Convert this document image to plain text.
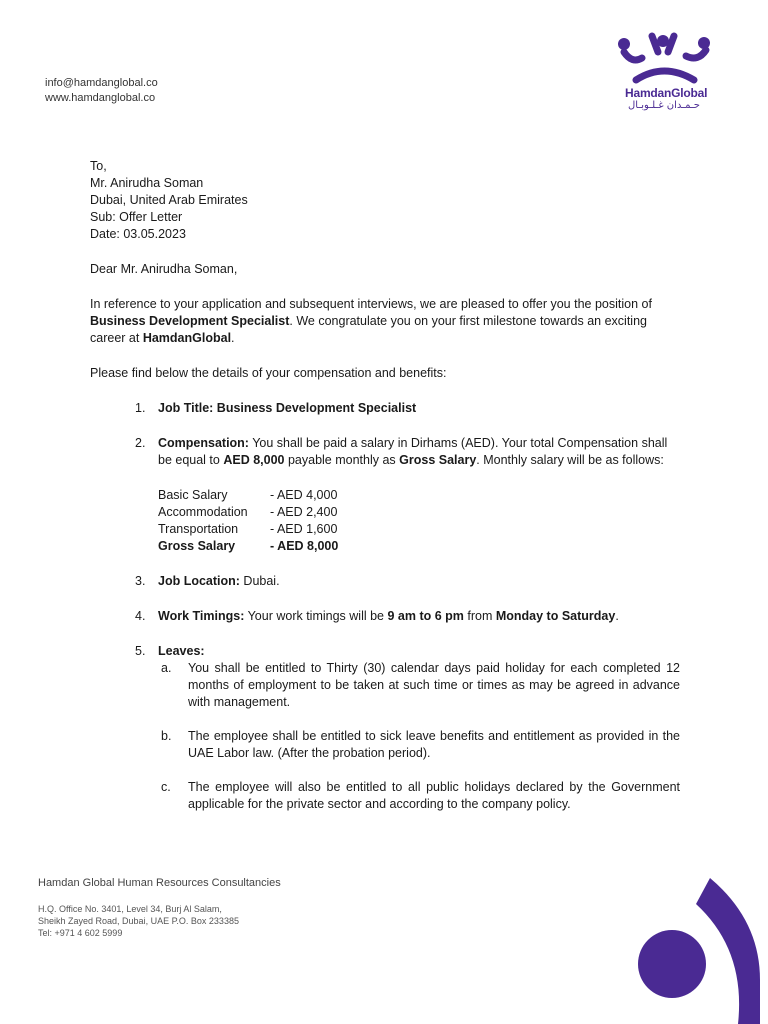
info@hamdanglobal.co
www.hamdanglobal.co	HamdanGlobal
حـمـدان غـلـوبـال

To,

Mr. Anirudha Soman

Dubai, United Arab Emirates

Sub: Offer Letter

Date: 03.05.2023

Dear Mr. Anirudha Soman,

In reference to your application and subsequent interviews, we are pleased to offer you the position of Business Development Specialist. We congratulate you on your first milestone towards an exciting career at HamdanGlobal.

Please find below the details of your compensation and benefits:

1. Job Title: Business Development Specialist
2. Compensation: You shall be paid a salary in Dirhams (AED). Your total Compensation shall be equal to AED 8,000 payable monthly as Gross Salary. Monthly salary will be as follows:
Basic Salary	- AED 4,000
Accommodation	- AED 2,400
Transportation	- AED 1,600
Gross Salary	- AED 8,000
3. Job Location: Dubai.
4. Work Timings: Your work timings will be 9 am to 6 pm from Monday to Saturday.
5. Leaves:
a. You shall be entitled to Thirty (30) calendar days paid holiday for each completed 12 months of employment to be taken at such time or times as may be agreed in advance with management.
b. The employee shall be entitled to sick leave benefits and entitlement as provided in the UAE Labor law. (After the probation period).
c. The employee will also be entitled to all public holidays declared by the Government applicable for the private sector and according to the company policy.
Hamdan Global Human Resources Consultancies
H.Q. Office No. 3401, Level 34, Burj Al Salam,
Sheikh Zayed Road, Dubai, UAE P.O. Box 233385
Tel: +971 4 602 5999
